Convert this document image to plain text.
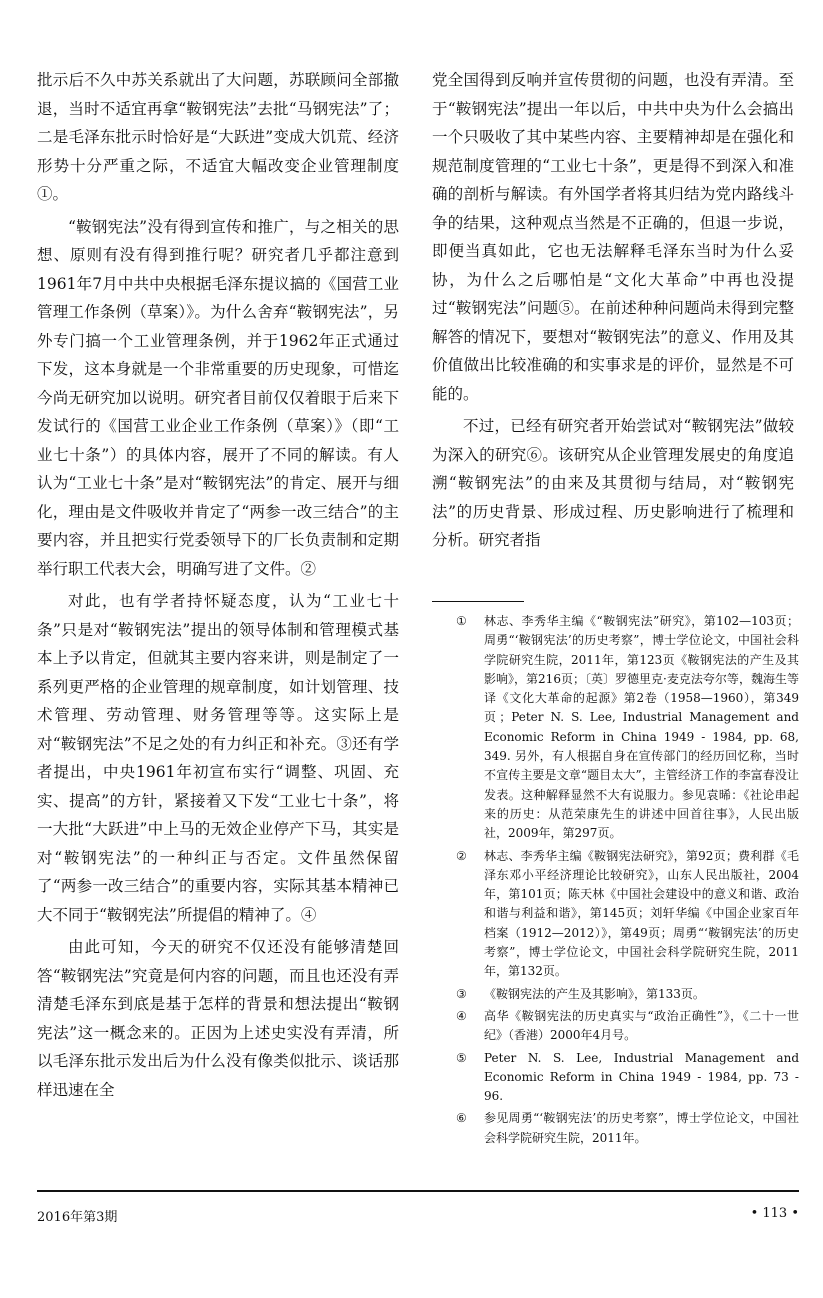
批示后不久中苏关系就出了大问题，苏联顾问全部撤退，当时不适宜再拿“鞍钢宪法”去批“马钢宪法”了；二是毛泽东批示时恰好是“大跃进”变成大饥荒、经济形势十分严重之际，不适宜大幅改变企业管理制度①。

“鞍钢宪法”没有得到宣传和推广，与之相关的思想、原则有没有得到推行呢？研究者几乎都注意到1961年7月中共中央根据毛泽东提议搞的《国营工业管理工作条例（草案）》。为什么舍弃“鞍钢宪法”，另外专门搞一个工业管理条例，并于1962年正式通过下发，这本身就是一个非常重要的历史现象，可惜迄今尚无研究加以说明。研究者目前仅仅着眼于后来下发试行的《国营工业企业工作条例（草案）》（即“工业七十条”）的具体内容，展开了不同的解读。有人认为“工业七十条”是对“鞍钢宪法”的肯定、展开与细化，理由是文件吸收并肯定了“两参一改三结合”的主要内容，并且把实行党委领导下的厂长负责制和定期举行职工代表大会，明确写进了文件。②

对此，也有学者持怀疑态度，认为“工业七十条”只是对“鞍钢宪法”提出的领导体制和管理模式基本上予以肯定，但就其主要内容来讲，则是制定了一系列更严格的企业管理的规章制度，如计划管理、技术管理、劳动管理、财务管理等等。这实际上是对“鞍钢宪法”不足之处的有力纠正和补充。③还有学者提出，中央1961年初宣布实行“调整、巩固、充实、提高”的方针，紧接着又下发“工业七十条”，将一大批“大跃进”中上马的无效企业停产下马，其实是对“鞍钢宪法”的一种纠正与否定。文件虽然保留了“两参一改三结合”的重要内容，实际其基本精神已大不同于“鞍钢宪法”所提倡的精神了。④

由此可知，今天的研究不仅还没有能够清楚回答“鞍钢宪法”究竟是何内容的问题，而且也还没有弄清楚毛泽东到底是基于怎样的背景和想法提出“鞍钢宪法”这一概念来的。正因为上述史实没有弄清，所以毛泽东批示发出后为什么没有像类似批示、谈话那样迅速在全

党全国得到反响并宣传贯彻的问题，也没有弄清。至于“鞍钢宪法”提出一年以后，中共中央为什么会搞出一个只吸收了其中某些内容、主要精神却是在强化和规范制度管理的“工业七十条”，更是得不到深入和准确的剖析与解读。有外国学者将其归结为党内路线斗争的结果，这种观点当然是不正确的，但退一步说，即便当真如此，它也无法解释毛泽东当时为什么妥协，为什么之后哪怕是“文化大革命”中再也没提过“鞍钢宪法”问题⑤。在前述种种问题尚未得到完整解答的情况下，要想对“鞍钢宪法”的意义、作用及其价值做出比较准确的和实事求是的评价，显然是不可能的。

不过，已经有研究者开始尝试对“鞍钢宪法”做较为深入的研究⑥。该研究从企业管理发展史的角度追溯“鞍钢宪法”的由来及其贯彻与结局，对“鞍钢宪法”的历史背景、形成过程、历史影响进行了梳理和分析。研究者指

① 林志、李秀华主编《“鞍钢宪法”研究》，第102—103页；周勇“‘鞍钢宪法’的历史考察”，博士学位论文，中国社会科学院研究生院，2011年，第123页《鞍钢宪法的产生及其影响》，第216页；〔英〕罗德里克·麦克法夸尔等，魏海生等译《文化大革命的起源》第2卷（1958—1960），第349页；Peter N. S. Lee, Industrial Management and Economic Reform in China 1949 - 1984, pp. 68, 349. 另外，有人根据自身在宣传部门的经历回忆称，当时不宣传主要是文章“题目太大”，主管经济工作的李富春没让发表。这种解释显然不大有说服力。参见袁晞：《社论串起来的历史：从范荣康先生的讲述中回首往事》，人民出版社，2009年，第297页。
② 林志、李秀华主编《鞍钢宪法研究》，第92页；费利群《毛泽东邓小平经济理论比较研究》，山东人民出版社，2004年，第101页；陈天林《中国社会建设中的意义和谐、政治和谐与利益和谐》，第145页；刘轩华编《中国企业家百年档案（1912—2012）》，第49页；周勇“‘鞍钢宪法’的历史考察”，博士学位论文，中国社会科学院研究生院，2011年，第132页。
③ 《鞍钢宪法的产生及其影响》，第133页。
④ 高华《鞍钢宪法的历史真实与“政治正确性”》，《二十一世纪》（香港）2000年4月号。
⑤ Peter N. S. Lee, Industrial Management and Economic Reform in China 1949 - 1984, pp. 73 - 96.
⑥ 参见周勇“‘鞍钢宪法’的历史考察”，博士学位论文，中国社会科学院研究生院，2011年。
2016年第3期	• 113 •
